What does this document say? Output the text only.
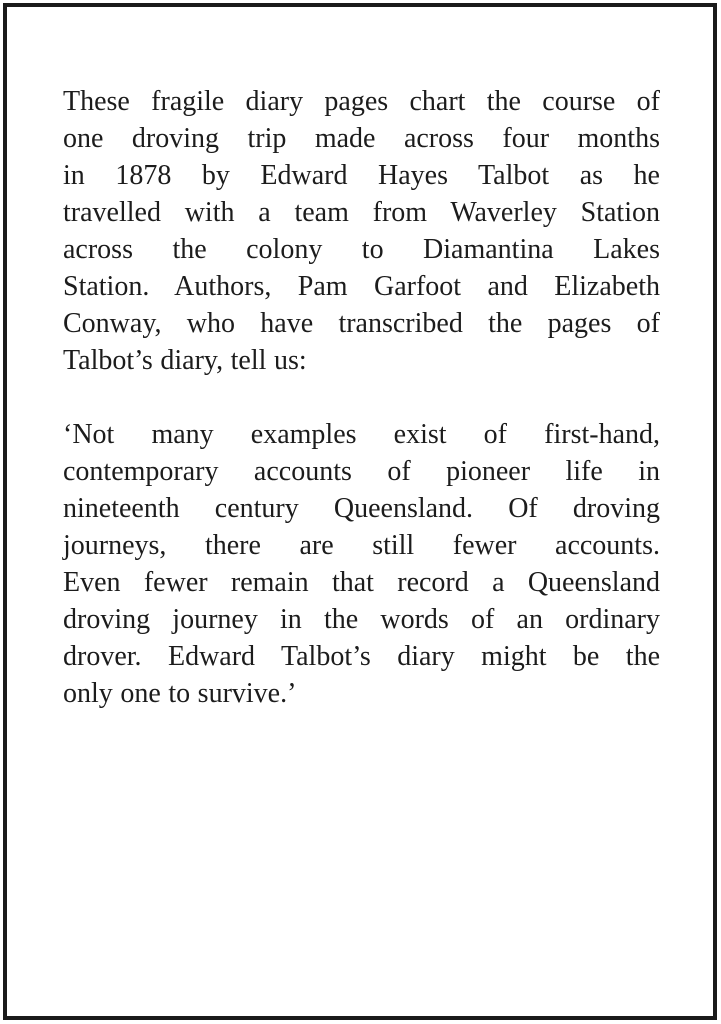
These fragile diary pages chart the course of
one droving trip made across four months
in 1878 by Edward Hayes Talbot as he
travelled with a team from Waverley Station
across the colony to Diamantina Lakes
Station. Authors, Pam Garfoot and Elizabeth
Conway, who have transcribed the pages of
Talbot’s diary, tell us:
‘Not many examples exist of first-hand,
contemporary accounts of pioneer life in
nineteenth century Queensland. Of droving
journeys, there are still fewer accounts.
Even fewer remain that record a Queensland
droving journey in the words of an ordinary
drover. Edward Talbot’s diary might be the
only one to survive.’
